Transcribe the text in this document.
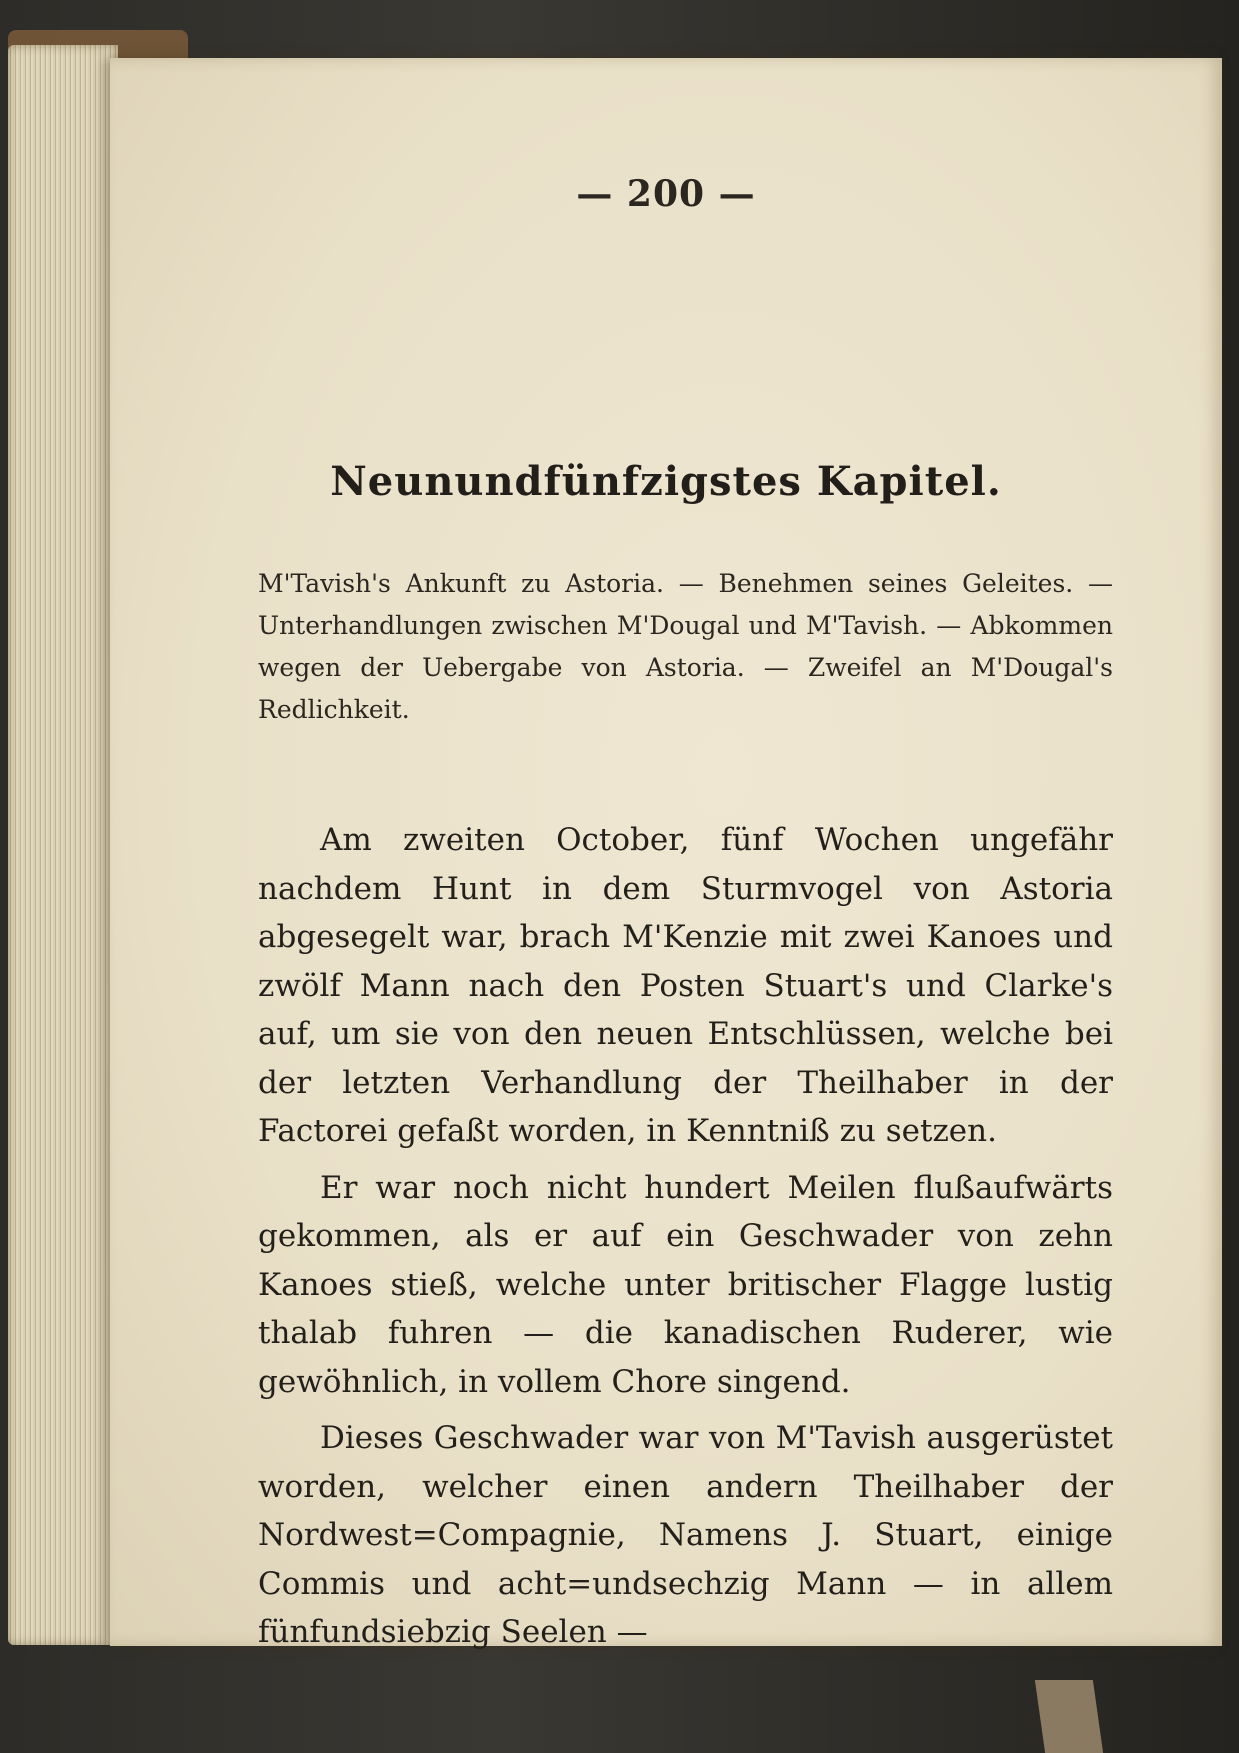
— 200 —
Neunundfünfzigstes Kapitel.
M'Tavish's Ankunft zu Astoria. — Benehmen seines Geleites. — Unterhandlungen zwischen M'Dougal und M'Tavish. — Abkommen wegen der Uebergabe von Astoria. — Zweifel an M'Dougal's Redlichkeit.

Am zweiten October, fünf Wochen ungefähr nachdem Hunt in dem Sturmvogel von Astoria abgesegelt war, brach M'Kenzie mit zwei Kanoes und zwölf Mann nach den Posten Stuart's und Clarke's auf, um sie von den neuen Entschlüssen, welche bei der letzten Verhandlung der Theilhaber in der Factorei gefaßt worden, in Kenntniß zu setzen.

Er war noch nicht hundert Meilen flußaufwärts gekommen, als er auf ein Geschwader von zehn Kanoes stieß, welche unter britischer Flagge lustig thalab fuhren — die kanadischen Ruderer, wie gewöhnlich, in vollem Chore singend.

Dieses Geschwader war von M'Tavish ausgerüstet worden, welcher einen andern Theilhaber der Nordwest=Compagnie, Namens J. Stuart, einige Commis und acht=undsechzig Mann — in allem fünfundsiebzig Seelen —
